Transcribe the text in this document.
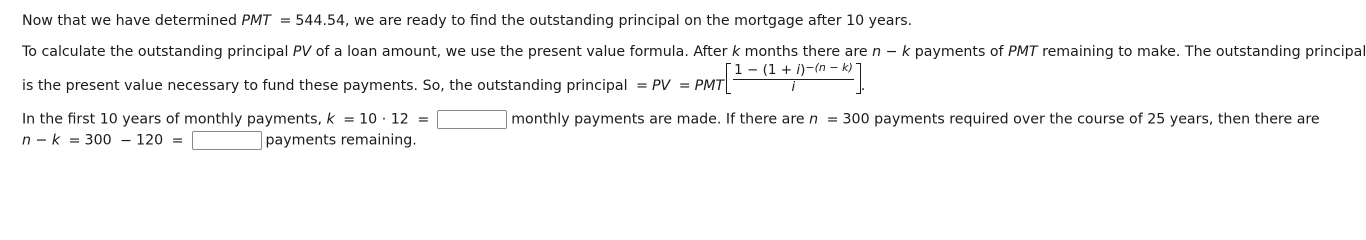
Now that we have determined PMT = 544.54, we are ready to find the outstanding principal on the mortgage after 10 years.
To calculate the outstanding principal PV of a loan amount, we use the present value formula. After k months there are n − k payments of PMT remaining to make. The outstanding principal
is the present value necessary to fund these payments. So, the outstanding principal = PV = PMT $\frac{1 - (1 + i)^{-(n - k)}}{i}$ .
In the first 10 years of monthly payments, k = 10 · 12 =	monthly payments are made. If there are n = 300 payments required over the course of 25 years, then there are
n − k = 300 − 120 =	payments remaining.
